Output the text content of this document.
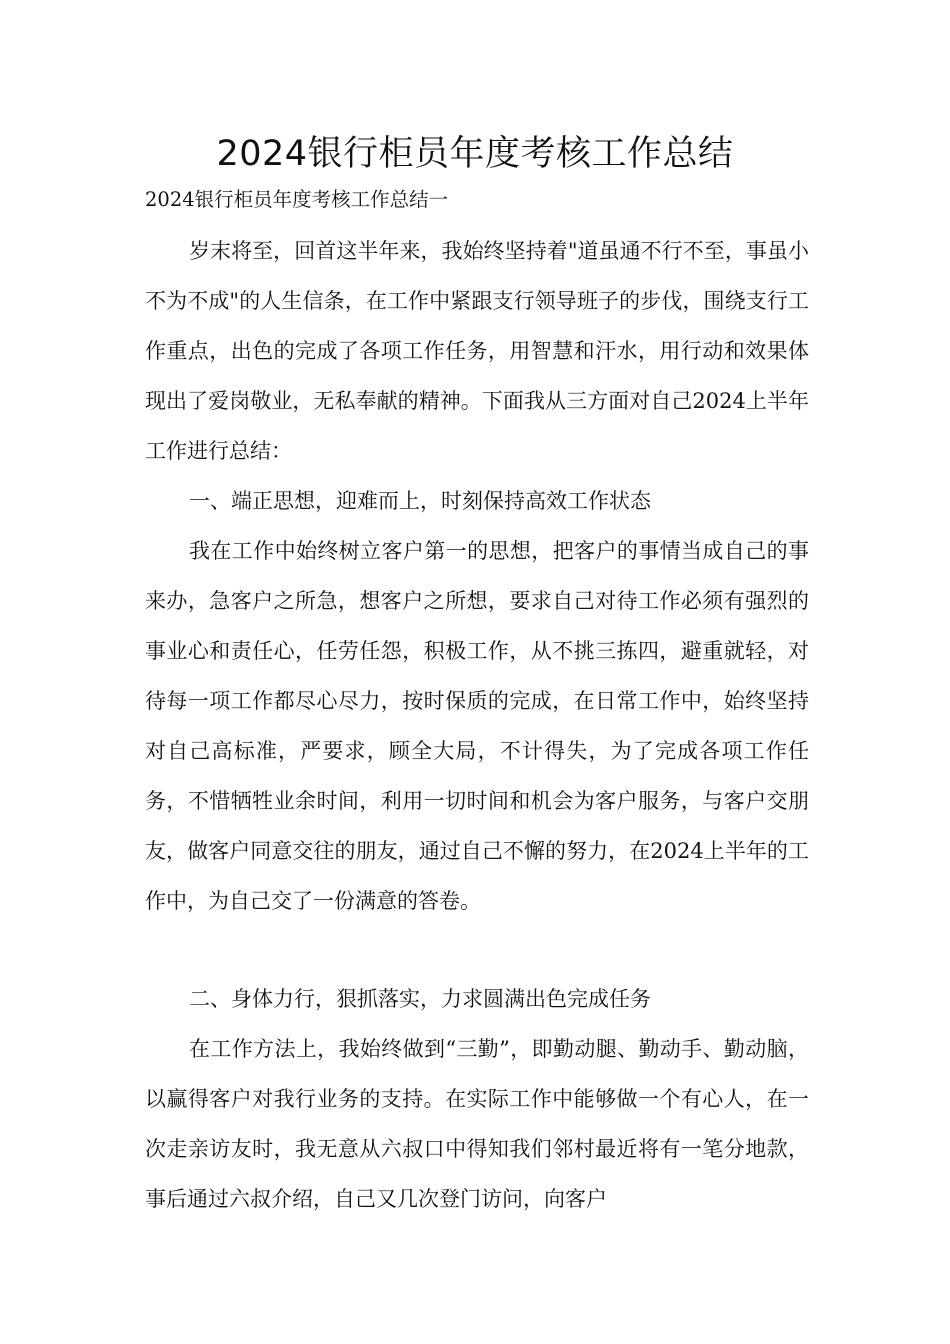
2024银行柜员年度考核工作总结

2024银行柜员年度考核工作总结一

岁末将至，回首这半年来，我始终坚持着"道虽通不行不至，事虽小不为不成"的人生信条，在工作中紧跟支行领导班子的步伐，围绕支行工作重点，出色的完成了各项工作任务，用智慧和汗水，用行动和效果体现出了爱岗敬业，无私奉献的精神。下面我从三方面对自己2024上半年工作进行总结：

一、端正思想，迎难而上，时刻保持高效工作状态

我在工作中始终树立客户第一的思想，把客户的事情当成自己的事来办，急客户之所急，想客户之所想，要求自己对待工作必须有强烈的事业心和责任心，任劳任怨，积极工作，从不挑三拣四，避重就轻，对待每一项工作都尽心尽力，按时保质的完成，在日常工作中，始终坚持对自己高标准，严要求，顾全大局，不计得失，为了完成各项工作任务，不惜牺牲业余时间，利用一切时间和机会为客户服务，与客户交朋友，做客户同意交往的朋友，通过自己不懈的努力，在2024上半年的工作中，为自己交了一份满意的答卷。

二、身体力行，狠抓落实，力求圆满出色完成任务

在工作方法上，我始终做到“三勤”，即勤动腿、勤动手、勤动脑，以赢得客户对我行业务的支持。在实际工作中能够做一个有心人，在一次走亲访友时，我无意从六叔口中得知我们邻村最近将有一笔分地款，事后通过六叔介绍，自己又几次登门访问，向客户
